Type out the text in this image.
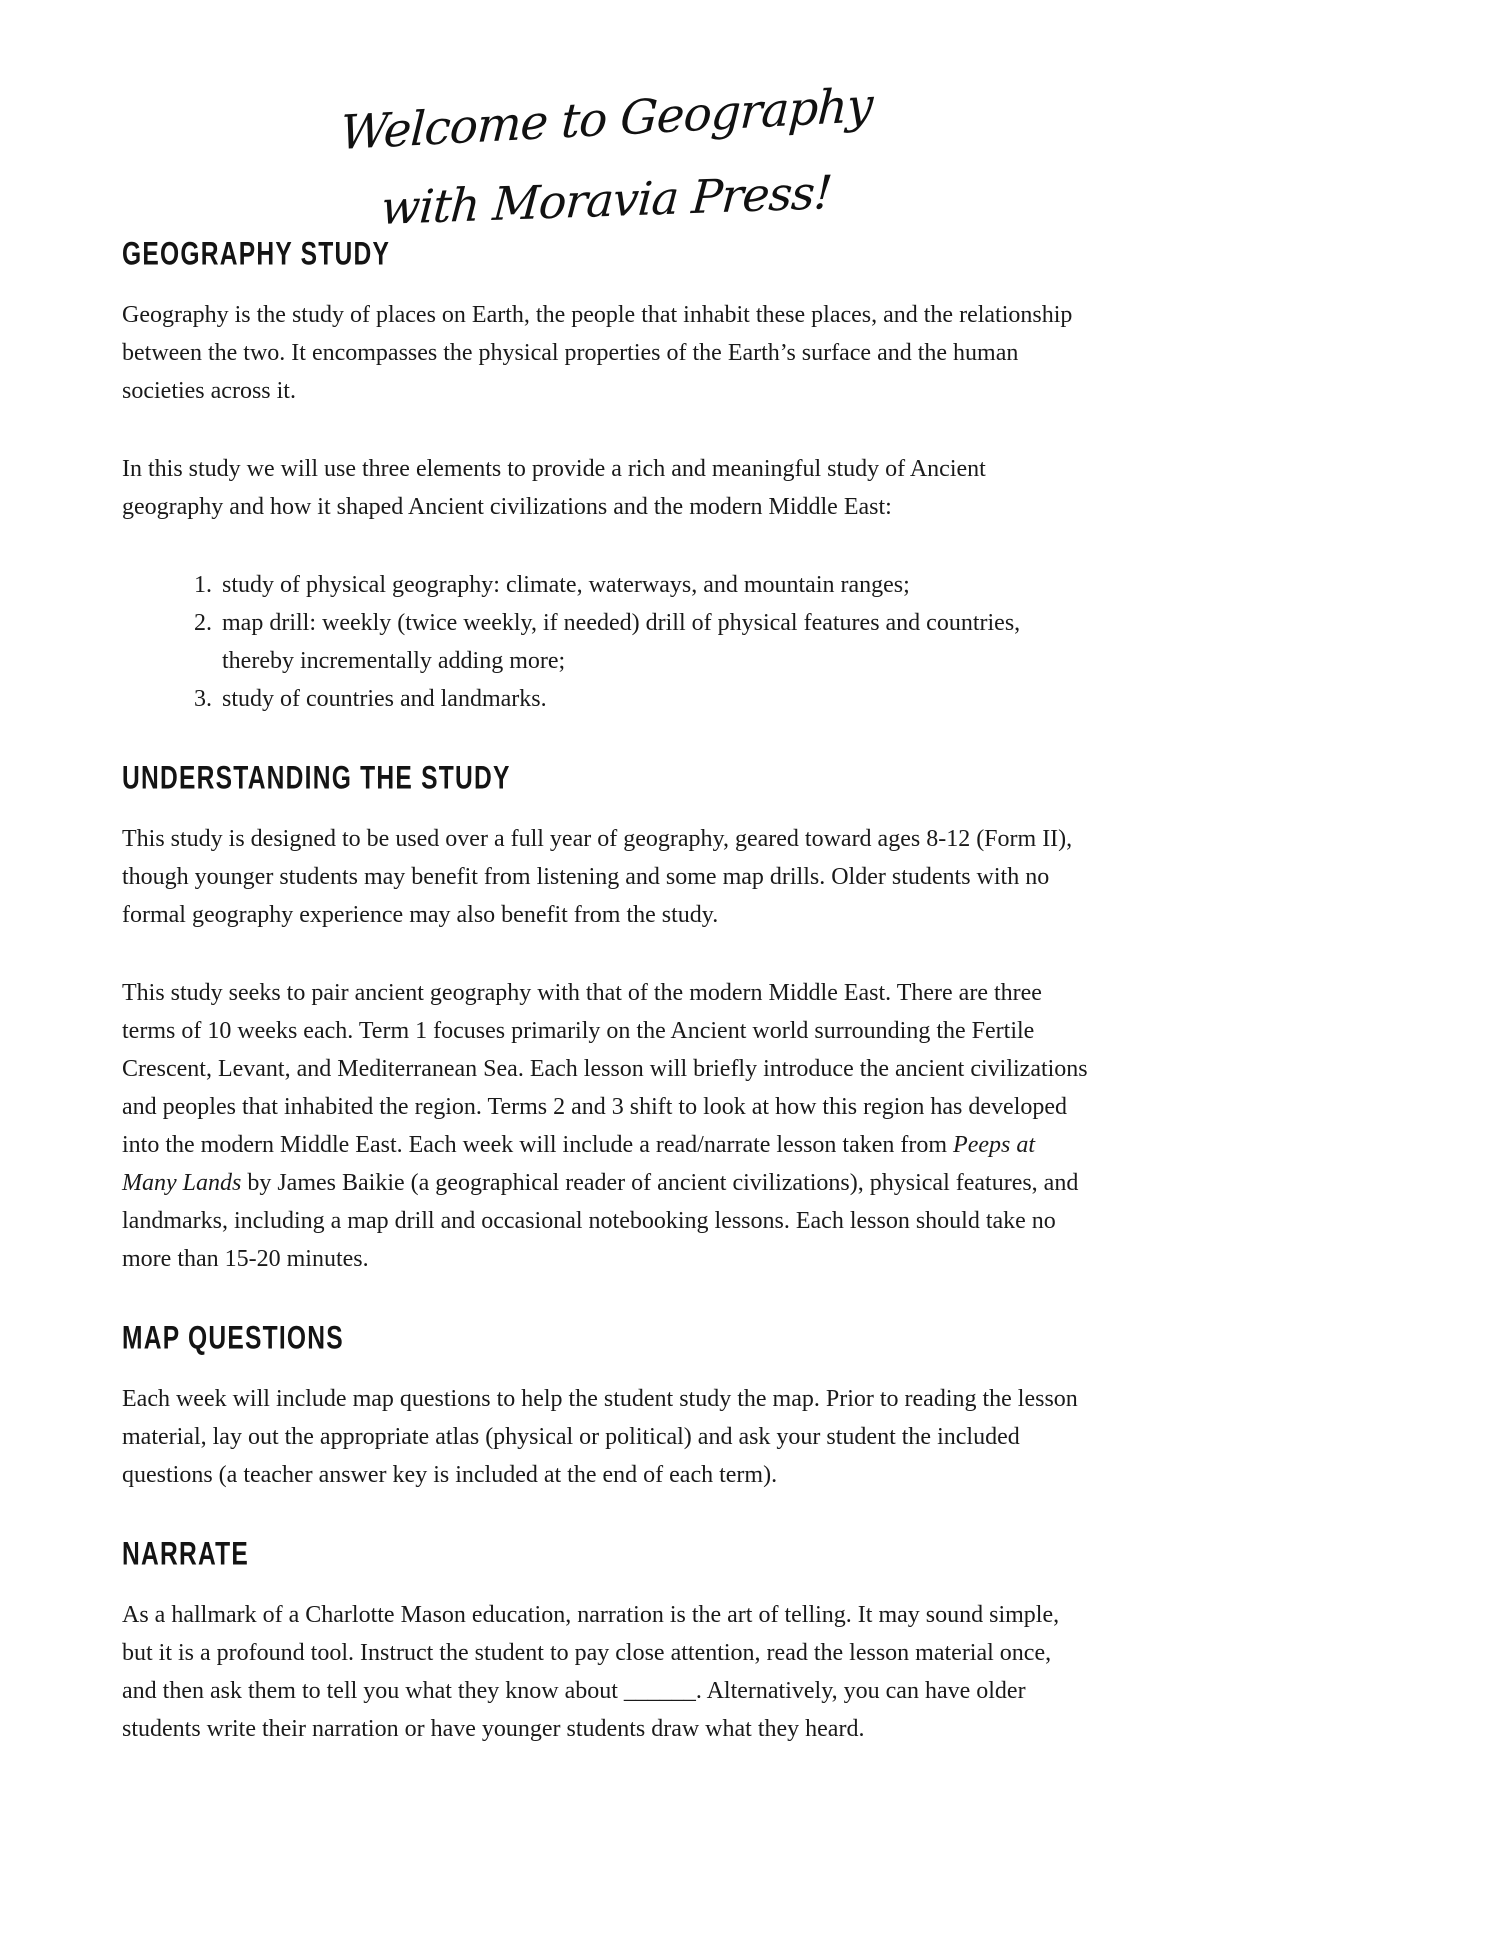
Welcome to Geography
with Moravia Press!
GEOGRAPHY STUDY

Geography is the study of places on Earth, the people that inhabit these places, and the relationship between the two. It encompasses the physical properties of the Earth’s surface and the human societies across it.

In this study we will use three elements to provide a rich and meaningful study of Ancient geography and how it shaped Ancient civilizations and the modern Middle East:

1. study of physical geography: climate, waterways, and mountain ranges;
2. map drill: weekly (twice weekly, if needed) drill of physical features and countries, thereby incrementally adding more;
3. study of countries and landmarks.
UNDERSTANDING THE STUDY

This study is designed to be used over a full year of geography, geared toward ages 8-12 (Form II), though younger students may benefit from listening and some map drills. Older students with no formal geography experience may also benefit from the study.

This study seeks to pair ancient geography with that of the modern Middle East. There are three terms of 10 weeks each. Term 1 focuses primarily on the Ancient world surrounding the Fertile Crescent, Levant, and Mediterranean Sea. Each lesson will briefly introduce the ancient civilizations and peoples that inhabited the region. Terms 2 and 3 shift to look at how this region has developed into the modern Middle East. Each week will include a read/narrate lesson taken from Peeps at Many Lands by James Baikie (a geographical reader of ancient civilizations), physical features, and landmarks, including a map drill and occasional notebooking lessons. Each lesson should take no more than 15-20 minutes.

MAP QUESTIONS

Each week will include map questions to help the student study the map. Prior to reading the lesson material, lay out the appropriate atlas (physical or political) and ask your student the included questions (a teacher answer key is included at the end of each term).

NARRATE

As a hallmark of a Charlotte Mason education, narration is the art of telling. It may sound simple, but it is a profound tool. Instruct the student to pay close attention, read the lesson material once, and then ask them to tell you what they know about ______. Alternatively, you can have older students write their narration or have younger students draw what they heard.
